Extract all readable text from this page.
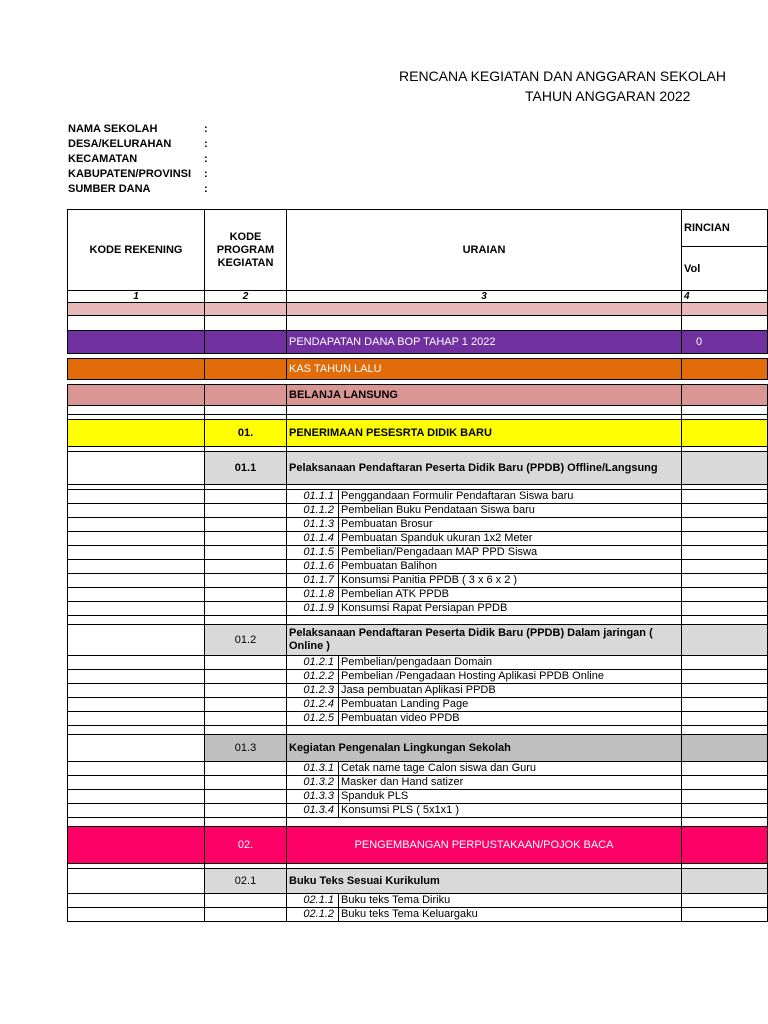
RENCANA KEGIATAN DAN ANGGARAN SEKOLAH
TAHUN ANGGARAN 2022
NAMA SEKOLAH	:
DESA/KELURAHAN	:
KECAMATAN	:
KABUPATEN/PROVINSI :
SUMBER DANA	:
KODE REKENING	KODE PROGRAM KEGIATAN	URAIAN	RINCIAN
			Vol
1	2	3	4

		PENDAPATAN DANA BOP TAHAP 1 2022	0

		KAS TAHUN LALU	

		BELANJA LANSUNG	

	01.	PENERIMAAN PESESRTA DIDIK BARU	

	01.1	Pelaksanaan Pendaftaran Peserta Didik Baru (PPDB) Offline/Langsung	

		01.1.1 Penggandaan Formulir Pendaftaran Siswa baru	
		01.1.2 Pembelian Buku Pendataan Siswa baru	
		01.1.3 Pembuatan Brosur	
		01.1.4 Pembuatan Spanduk ukuran 1x2 Meter	
		01.1.5 Pembelian/Pengadaan MAP PPD Siswa	
		01.1.6 Pembuatan Balihon	
		01.1.7 Konsumsi Panitia PPDB ( 3 x 6 x 2 )	
		01.1.8 Pembelian ATK PPDB	
		01.1.9 Konsumsi Rapat Persiapan PPDB	

	01.2	Pelaksanaan Pendaftaran Peserta Didik Baru (PPDB) Dalam jaringan ( Online )	
		01.2.1 Pembelian/pengadaan Domain	
		01.2.2 Pembelian /Pengadaan Hosting Aplikasi PPDB Online	
		01.2.3 Jasa pembuatan Aplikasi PPDB	
		01.2.4 Pembuatan Landing Page	
		01.2.5 Pembuatan video PPDB	

	01.3	Kegiatan Pengenalan Lingkungan Sekolah	
		01.3.1 Cetak name tage Calon siswa dan Guru	
		01.3.2 Masker dan Hand satizer	
		01.3.3 Spanduk PLS	
		01.3.4 Konsumsi PLS ( 5x1x1 )	

	02.	PENGEMBANGAN PERPUSTAKAAN/POJOK BACA	

	02.1	Buku Teks Sesuai Kurikulum	
		02.1.1 Buku teks Tema Diriku	
		02.1.2 Buku teks Tema Keluargaku	
